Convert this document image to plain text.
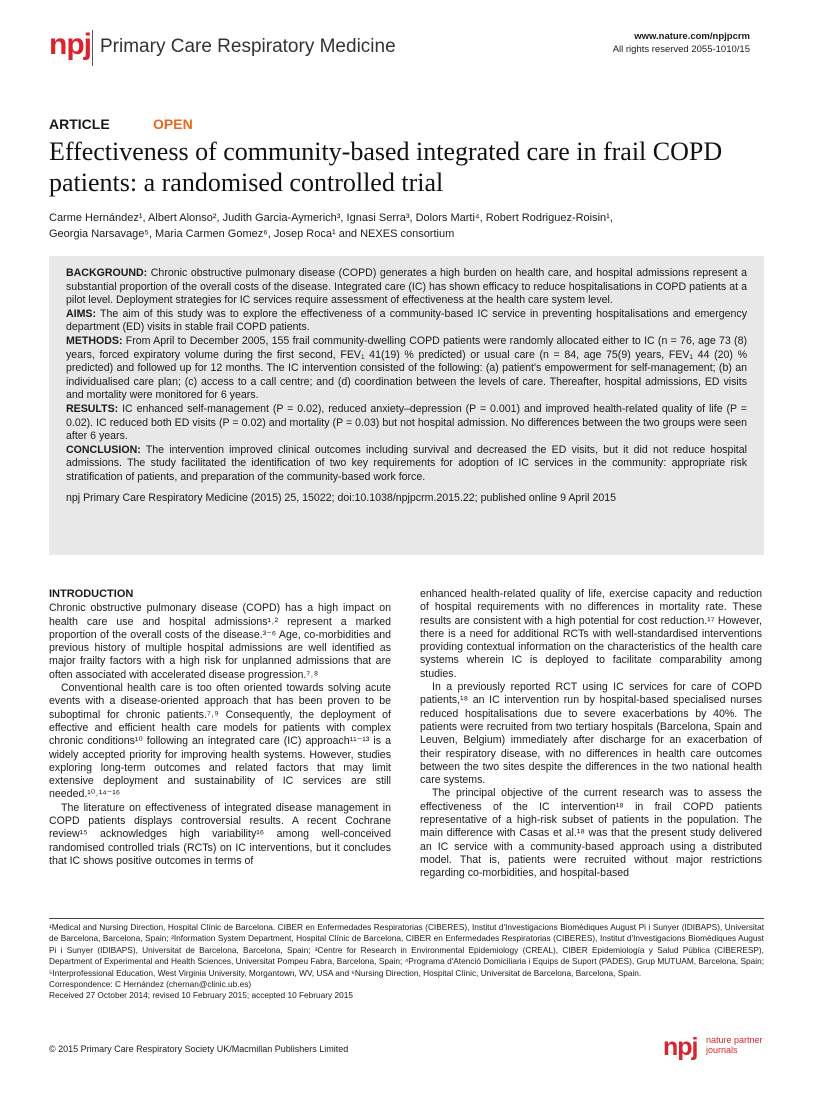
npj Primary Care Respiratory Medicine	www.nature.com/npjpcrm
All rights reserved 2055-1010/15
ARTICLE	OPEN
Effectiveness of community-based integrated care in frail COPD patients: a randomised controlled trial
Carme Hernández¹, Albert Alonso², Judith Garcia-Aymerich³, Ignasi Serra³, Dolors Marti⁴, Robert Rodriguez-Roisin¹,
Georgia Narsavage⁵, Maria Carmen Gomez⁶, Josep Roca¹ and NEXES consortium

BACKGROUND: Chronic obstructive pulmonary disease (COPD) generates a high burden on health care, and hospital admissions represent a substantial proportion of the overall costs of the disease. Integrated care (IC) has shown efficacy to reduce hospitalisations in COPD patients at a pilot level. Deployment strategies for IC services require assessment of effectiveness at the health care system level.

AIMS: The aim of this study was to explore the effectiveness of a community-based IC service in preventing hospitalisations and emergency department (ED) visits in stable frail COPD patients.

METHODS: From April to December 2005, 155 frail community-dwelling COPD patients were randomly allocated either to IC (n = 76, age 73 (8) years, forced expiratory volume during the first second, FEV₁ 41(19) % predicted) or usual care (n = 84, age 75(9) years, FEV₁ 44 (20) % predicted) and followed up for 12 months. The IC intervention consisted of the following: (a) patient's empowerment for self-management; (b) an individualised care plan; (c) access to a call centre; and (d) coordination between the levels of care. Thereafter, hospital admissions, ED visits and mortality were monitored for 6 years.

RESULTS: IC enhanced self-management (P = 0.02), reduced anxiety–depression (P = 0.001) and improved health-related quality of life (P = 0.02). IC reduced both ED visits (P = 0.02) and mortality (P = 0.03) but not hospital admission. No differences between the two groups were seen after 6 years.

CONCLUSION: The intervention improved clinical outcomes including survival and decreased the ED visits, but it did not reduce hospital admissions. The study facilitated the identification of two key requirements for adoption of IC services in the community: appropriate risk stratification of patients, and preparation of the community-based work force.

npj Primary Care Respiratory Medicine (2015) 25, 15022; doi:10.1038/npjpcrm.2015.22; published online 9 April 2015

INTRODUCTION

Chronic obstructive pulmonary disease (COPD) has a high impact on health care use and hospital admissions¹˒² represent a marked proportion of the overall costs of the disease.³⁻⁶ Age, co-morbidities and previous history of multiple hospital admissions are well identified as major frailty factors with a high risk for unplanned admissions that are often associated with accelerated disease progression.⁷˒⁸

Conventional health care is too often oriented towards solving acute events with a disease-oriented approach that has been proven to be suboptimal for chronic patients.⁷˒⁹ Consequently, the deployment of effective and efficient health care models for patients with complex chronic conditions¹⁰ following an integrated care (IC) approach¹¹⁻¹³ is a widely accepted priority for improving health systems. However, studies exploring long-term outcomes and related factors that may limit extensive deployment and sustainability of IC services are still needed.¹⁰˒¹⁴⁻¹⁶

The literature on effectiveness of integrated disease management in COPD patients displays controversial results. A recent Cochrane review¹⁵ acknowledges high variability¹⁶ among well-conceived randomised controlled trials (RCTs) on IC interventions, but it concludes that IC shows positive outcomes in terms of

enhanced health-related quality of life, exercise capacity and reduction of hospital requirements with no differences in mortality rate. These results are consistent with a high potential for cost reduction.¹⁷ However, there is a need for additional RCTs with well-standardised interventions providing contextual information on the characteristics of the health care systems wherein IC is deployed to facilitate comparability among studies.

In a previously reported RCT using IC services for care of COPD patients,¹⁸ an IC intervention run by hospital-based specialised nurses reduced hospitalisations due to severe exacerbations by 40%. The patients were recruited from two tertiary hospitals (Barcelona, Spain and Leuven, Belgium) immediately after discharge for an exacerbation of their respiratory disease, with no differences in health care outcomes between the two sites despite the differences in the two national health care systems.

The principal objective of the current research was to assess the effectiveness of the IC intervention¹⁸ in frail COPD patients representative of a high-risk subset of patients in the population. The main difference with Casas et al.¹⁸ was that the present study delivered an IC service with a community-based approach using a distributed model. That is, patients were recruited without major restrictions regarding co-morbidities, and hospital-based

¹Medical and Nursing Direction, Hospital Clínic de Barcelona. CIBER en Enfermedades Respiratorias (CIBERES), Institut d'Investigacions Biomèdiques August Pi i Sunyer (IDIBAPS), Universitat de Barcelona, Barcelona, Spain; ²Information System Department, Hospital Clínic de Barcelona, CIBER en Enfermedades Respiratorias (CIBERES), Institut d'Investigacions Biomèdiques August Pi i Sunyer (IDIBAPS), Universitat de Barcelona, Barcelona, Spain; ³Centre for Research in Environmental Epidemiology (CREAL), CIBER Epidemiología y Salud Pública (CIBERESP), Department of Experimental and Health Sciences, Universitat Pompeu Fabra, Barcelona, Spain; ⁴Programa d'Atenció Domiciliaria i Equips de Suport (PADES), Grup MUTUAM, Barcelona, Spain; ⁵Interprofessional Education, West Virginia University, Morgantown, WV, USA and ⁶Nursing Direction, Hospital Clínic, Universitat de Barcelona, Barcelona, Spain.

Correspondence: C Hernández (chernan@clinic.ub.es)

Received 27 October 2014; revised 10 February 2015; accepted 10 February 2015

© 2015 Primary Care Respiratory Society UK/Macmillan Publishers Limited	npj nature partner
journals
